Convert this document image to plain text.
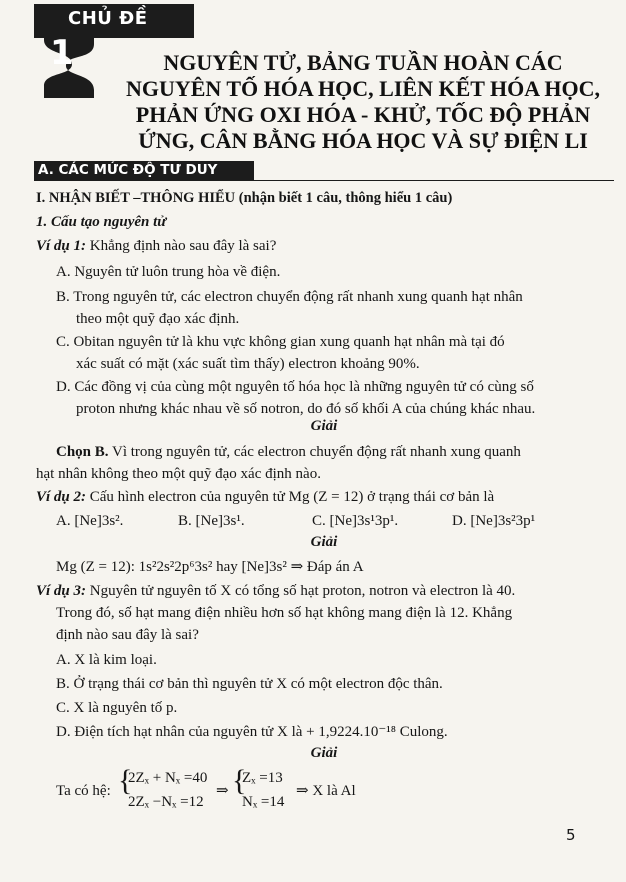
CHỦ ĐỀ
1	NGUYÊN TỬ, BẢNG TUẦN HOÀN CÁC
NGUYÊN TỐ HÓA HỌC, LIÊN KẾT HÓA HỌC,
PHẢN ỨNG OXI HÓA - KHỬ, TỐC ĐỘ PHẢN
ỨNG, CÂN BẰNG HÓA HỌC VÀ SỰ ĐIỆN LI
A. CÁC MỨC ĐỘ TƯ DUY
I. NHẬN BIẾT –THÔNG HIỂU (nhận biết 1 câu, thông hiểu 1 câu)
1. Cấu tạo nguyên tử
Ví dụ 1: Khẳng định nào sau đây là sai?
A. Nguyên tử luôn trung hòa về điện.
B. Trong nguyên tử, các electron chuyển động rất nhanh xung quanh hạt nhân
theo một quỹ đạo xác định.
C. Obitan nguyên tử là khu vực không gian xung quanh hạt nhân mà tại đó
xác suất có mặt (xác suất tìm thấy) electron khoảng 90%.
D. Các đồng vị của cùng một nguyên tố hóa học là những nguyên tử có cùng số
proton nhưng khác nhau về số notron, do đó số khối A của chúng khác nhau.
Giải
Chọn B. Vì trong nguyên tử, các electron chuyển động rất nhanh xung quanh
hạt nhân không theo một quỹ đạo xác định nào.
Ví dụ 2: Cấu hình electron của nguyên tử Mg (Z = 12) ở trạng thái cơ bản là
A. [Ne]3s².	B. [Ne]3s¹.	C. [Ne]3s¹3p¹.	D. [Ne]3s²3p¹
Giải
Mg (Z = 12): 1s²2s²2p⁶3s² hay [Ne]3s² ⇒ Đáp án A
Ví dụ 3: Nguyên tử nguyên tố X có tổng số hạt proton, notron và electron là 40.
Trong đó, số hạt mang điện nhiều hơn số hạt không mang điện là 12. Khẳng
định nào sau đây là sai?
A. X là kim loại.
B. Ở trạng thái cơ bản thì nguyên tử X có một electron độc thân.
C. X là nguyên tố p.
D. Điện tích hạt nhân của nguyên tử X là + 1,9224.10⁻¹⁸ Culong.
Giải
Ta có hệ: {
2Zₓ + Nₓ =40
2Zₓ −Nₓ =12
⇒ {
Zₓ =13
Nₓ =14
⇒ X là Al
5
